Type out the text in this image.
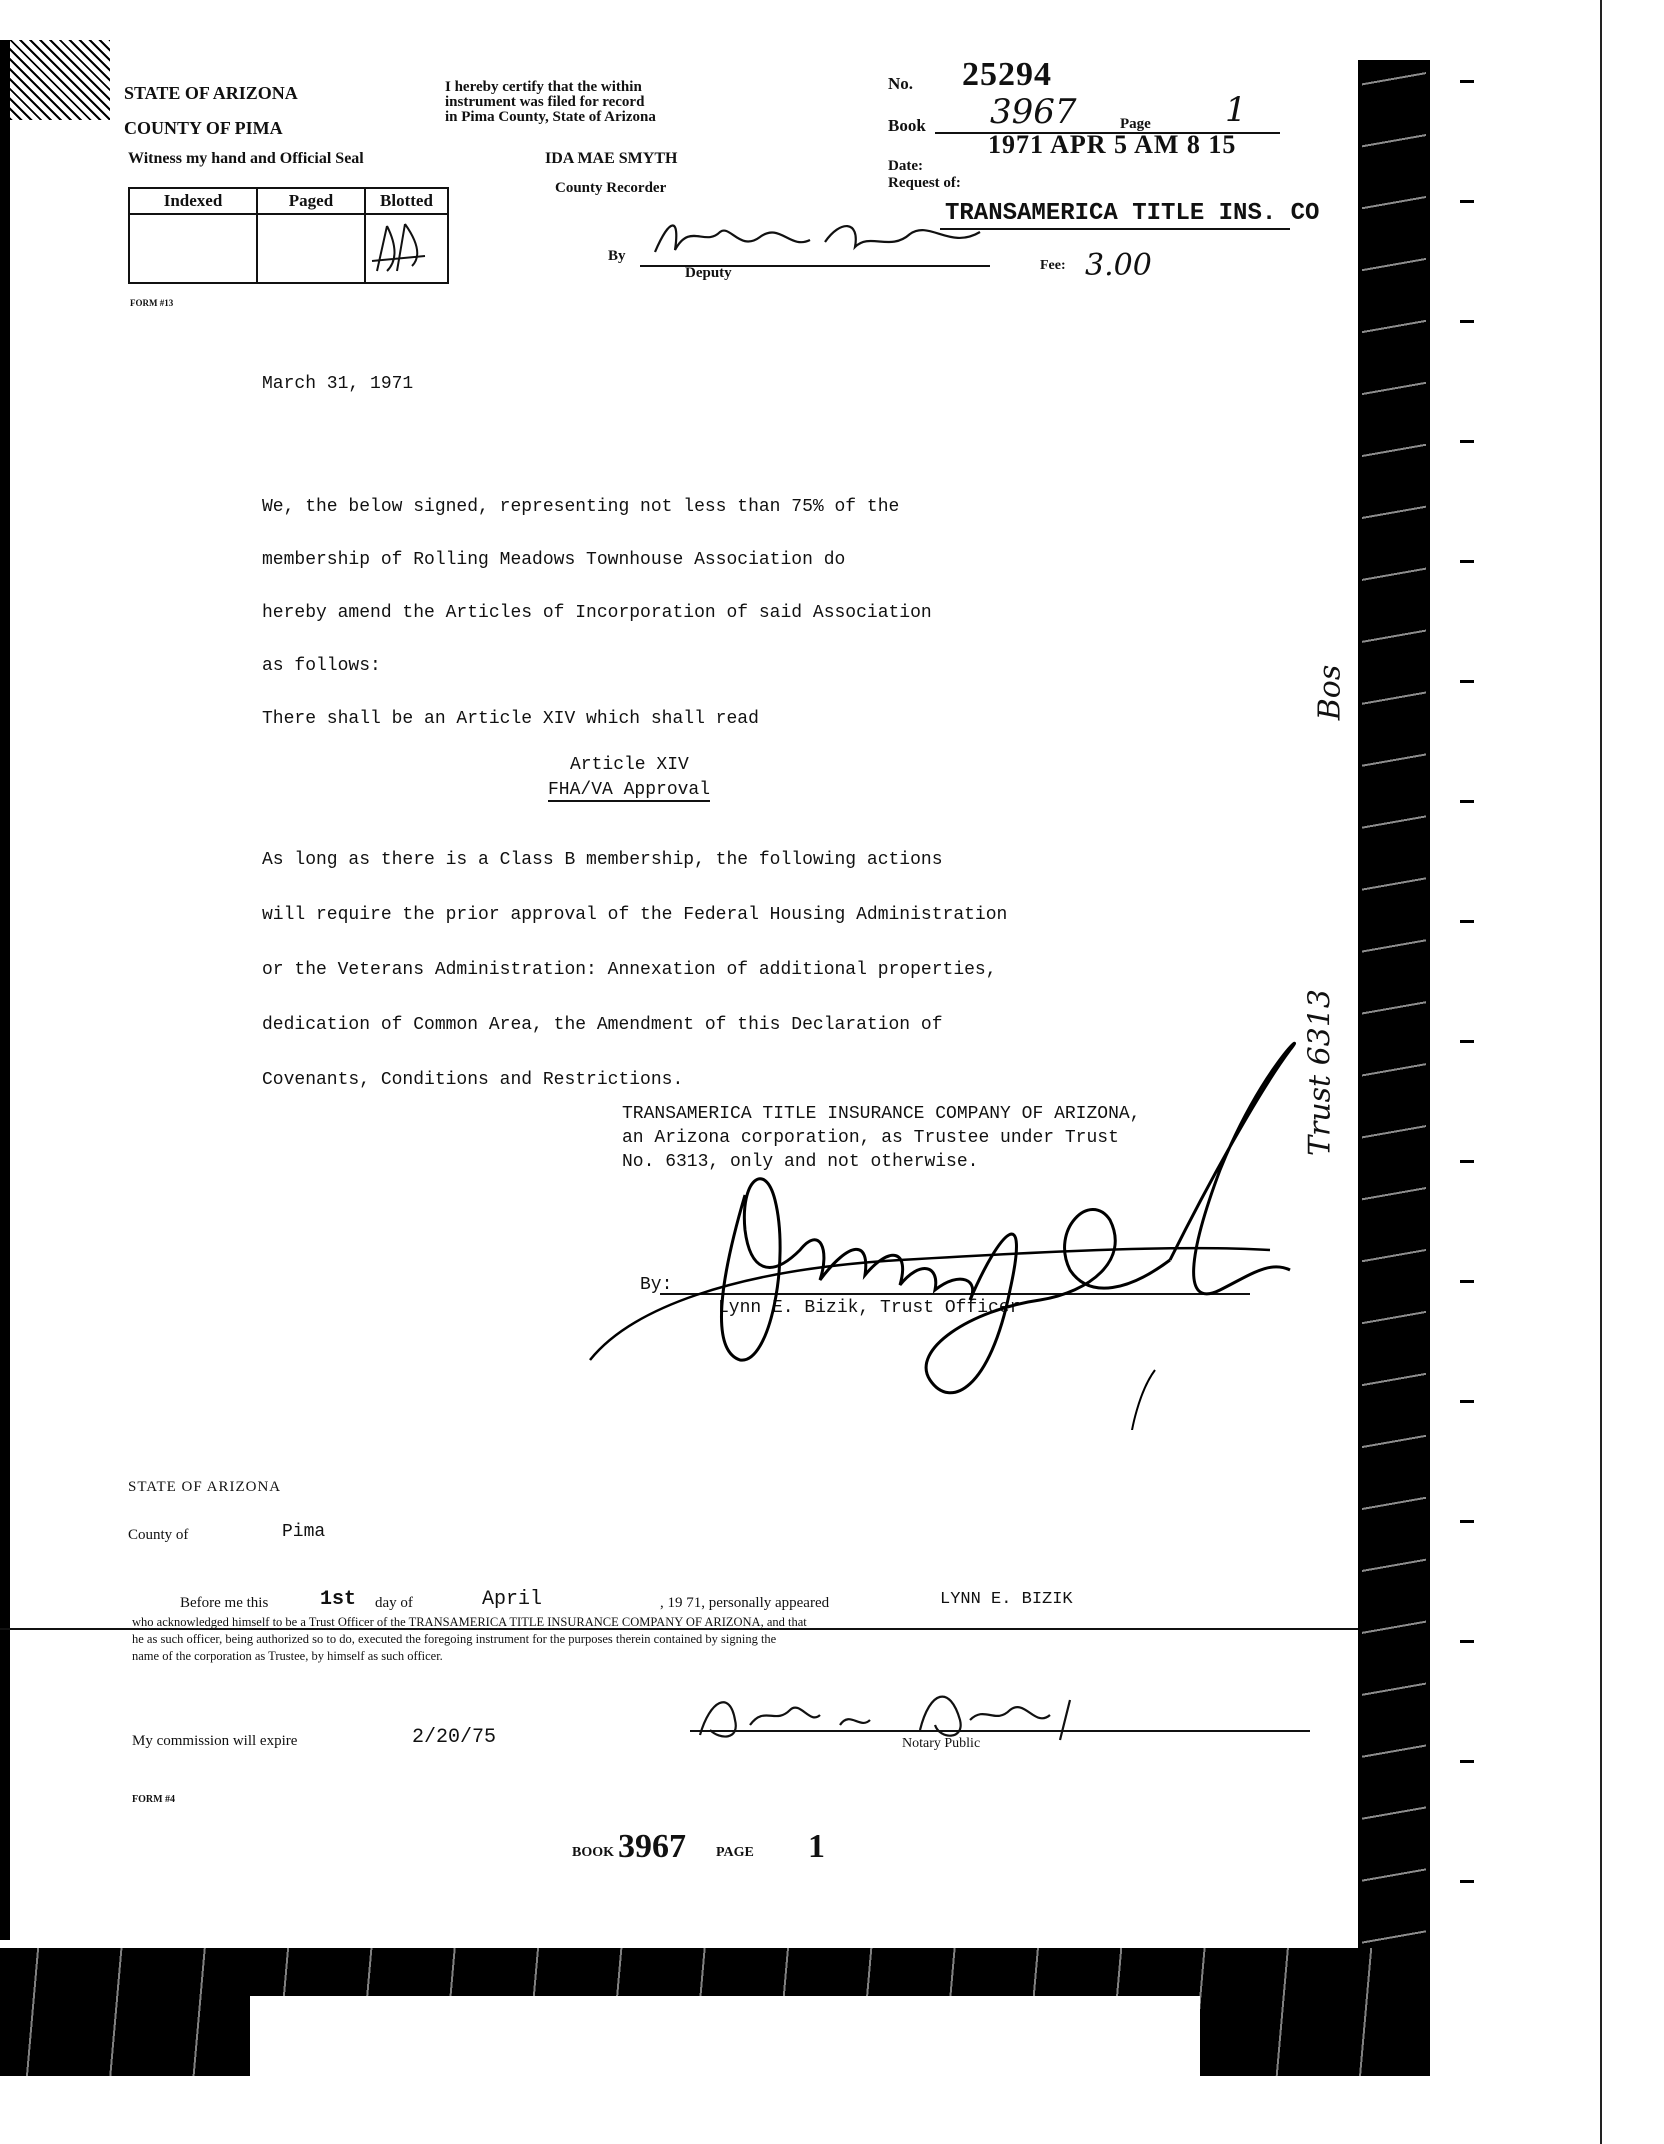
STATE OF ARIZONA
COUNTY OF PIMA
Witness my hand and Official Seal
I hereby certify that the within
instrument was filed for record
in Pima County, State of Arizona
IDA MAE SMYTH
County Recorder
By
Deputy
Indexed	Paged	Blotted

FORM #13
No. 25294
Book 3967	Page 1
1971 APR 5 AM 8 15
Date:
Request of:
TRANSAMERICA TITLE INS. CO
Fee: 3.00
March 31, 1971
We, the below signed, representing not less than 75% of the
membership of Rolling Meadows Townhouse Association do
hereby amend the Articles of Incorporation of said Association
as follows:
There shall be an Article XIV which shall read
Article XIV
FHA/VA Approval
As long as there is a Class B membership, the following actions
will require the prior approval of the Federal Housing Administration
or the Veterans Administration: Annexation of additional properties,
dedication of Common Area, the Amendment of this Declaration of
Covenants, Conditions and Restrictions.
TRANSAMERICA TITLE INSURANCE COMPANY OF ARIZONA,
an Arizona corporation, as Trustee under Trust
No. 6313, only and not otherwise.
By:
Lynn E. Bizik, Trust Officer
Trust 6313
Bos
STATE OF ARIZONA
County of	Pima
Before me this	1st day of	April	, 19 71, personally appeared	LYNN E. BIZIK
who acknowledged himself to be a Trust Officer of the TRANSAMERICA TITLE INSURANCE COMPANY OF ARIZONA, and that
he as such officer, being authorized so to do, executed the foregoing instrument for the purposes therein contained by signing the
name of the corporation as Trustee, by himself as such officer.
My commission will expire	2/20/75	Notary Public
FORM #4
BOOK 3967 PAGE 1
